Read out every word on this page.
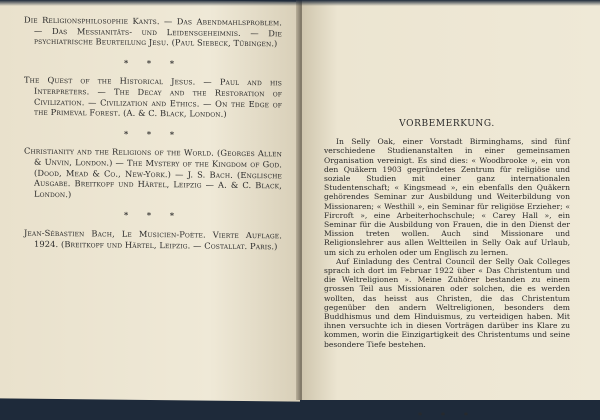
Die Religionsphilosophie Kants. — Das Abendmahlsproblem. — Das Messianitäts- und Leidensgeheimnis. — Die psychiatrische Beurteilung Jesu. (Paul Siebeck, Tübingen.)

* * *

The Quest of the Historical Jesus. — Paul and his Interpreters. — The Decay and the Restoration of Civilization. — Civilization and Ethics. — On the Edge of the Primeval Forest. (A. & C. Black, London.)

* * *

Christianity and the Religions of the World. (Georges Allen & Unvin, London.) — The Mystery of the Kingdom of God. (Dood, Mead & Co., New-York.) — J. S. Bach. (Englische Ausgabe. Breitkopf und Härtel, Leipzig — A. & C. Black, London.)

* * *

Jean-Sébastien Bach, Le Musicien-Poète. Vierte Auflage. 1924. (Breitkopf und Härtel, Leipzig. — Costallat. Paris.)

VORBEMERKUNG.

In Selly Oak, einer Vorstadt Birminghams, sind fünf verschiedene Studienanstalten in einer gemeinsamen Organisation vereinigt. Es sind dies: « Woodbrooke », ein von den Quäkern 1903 gegründetes Zentrum für religiöse und soziale Studien mit einer ganz internationalen Studentenschaft; « Kingsmead », ein ebenfalls den Quäkern gehörendes Seminar zur Ausbildung und Weiterbildung von Missionaren; « Westhill », ein Seminar für religiöse Erzieher; « Fircroft », eine Arbeiterhochschule; « Carey Hall », ein Seminar für die Ausbildung von Frauen, die in den Dienst der Mission treten wollen. Auch sind Missionare und Religionslehrer aus allen Weltteilen in Selly Oak auf Urlaub, um sich zu erholen oder um Englisch zu lernen.

Auf Einladung des Central Council der Selly Oak Colleges sprach ich dort im Februar 1922 über « Das Christentum und die Weltreligionen ». Meine Zuhörer bestanden zu einem grossen Teil aus Missionaren oder solchen, die es werden wollten, das heisst aus Christen, die das Christentum gegenüber den andern Weltreligionen, besonders dem Buddhismus und dem Hinduismus, zu verteidigen haben. Mit ihnen versuchte ich in diesen Vorträgen darüber ins Klare zu kommen, worin die Einzigartigkeit des Christentums und seine besondere Tiefe bestehen.

* * *
